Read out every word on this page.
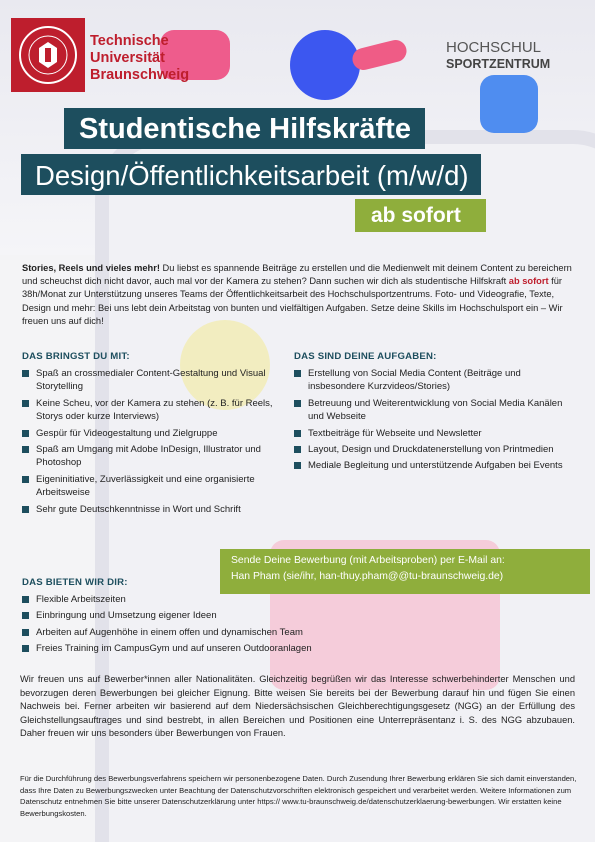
Technische
Universität
Braunschweig
HOCHSCHUL
SPORTZENTRUM
Studentische Hilfskräfte
Design/Öffentlichkeitsarbeit (m/w/d)
ab sofort
Stories, Reels und vieles mehr! Du liebst es spannende Beiträge zu erstellen und die Medienwelt mit deinem Content zu bereichern und scheuchst dich nicht davor, auch mal vor der Kamera zu stehen? Dann suchen wir dich als studentische Hilfskraft ab sofort für 38h/Monat zur Unterstützung unseres Teams der Öffentlichkeitsarbeit des Hochschulsportzentrums. Foto- und Videografie, Texte, Design und mehr: Bei uns lebt dein Arbeitstag von bunten und vielfältigen Aufgaben. Setze deine Skills im Hochschulsport ein – Wir freuen uns auf dich!
DAS BRINGST DU MIT:
Spaß an crossmedialer Content-Gestaltung und Visual Storytelling
Keine Scheu, vor der Kamera zu stehen (z. B. für Reels, Storys oder kurze Interviews)
Gespür für Videogestaltung und Zielgruppe
Spaß am Umgang mit Adobe InDesign, Illustrator und Photoshop
Eigeninitiative, Zuverlässigkeit und eine organisierte Arbeitsweise
Sehr gute Deutschkenntnisse in Wort und Schrift
DAS SIND DEINE AUFGABEN:
Erstellung von Social Media Content (Beiträge und insbesondere Kurzvideos/Stories)
Betreuung und Weiterentwicklung von Social Media Kanälen und Webseite
Textbeiträge für Webseite und Newsletter
Layout, Design und Druckdatenerstellung von Printmedien
Mediale Begleitung und unterstützende Aufgaben bei Events
Sende Deine Bewerbung (mit Arbeitsproben) per E-Mail an:
Han Pham (sie/ihr, han-thuy.pham@@tu-braunschweig.de)
DAS BIETEN WIR DIR:
Flexible Arbeitszeiten
Einbringung und Umsetzung eigener Ideen
Arbeiten auf Augenhöhe in einem offen und dynamischen Team
Freies Training im CampusGym und auf unseren Outdooranlagen
Wir freuen uns auf Bewerber*innen aller Nationalitäten. Gleichzeitig begrüßen wir das Interesse schwerbehinderter Menschen und bevorzugen deren Bewerbungen bei gleicher Eignung. Bitte weisen Sie bereits bei der Bewerbung darauf hin und fügen Sie einen Nachweis bei. Ferner arbeiten wir basierend auf dem Niedersächsischen Gleichberechtigungsgesetz (NGG) an der Erfüllung des Gleichstellungsauftrages und sind bestrebt, in allen Bereichen und Positionen eine Unterrepräsentanz i. S. des NGG abzubauen. Daher freuen wir uns besonders über Bewerbungen von Frauen.
Für die Durchführung des Bewerbungsverfahrens speichern wir personenbezogene Daten. Durch Zusendung Ihrer Bewerbung erklären Sie sich damit einverstanden, dass Ihre Daten zu Bewerbungszwecken unter Beachtung der Datenschutzvorschriften elektronisch gespeichert und verarbeitet werden. Weitere Informationen zum Datenschutz entnehmen Sie bitte unserer Datenschutzerklärung unter https:// www.tu-braunschweig.de/datenschutzerklaerung-bewerbungen. Wir erstatten keine Bewerbungskosten.
